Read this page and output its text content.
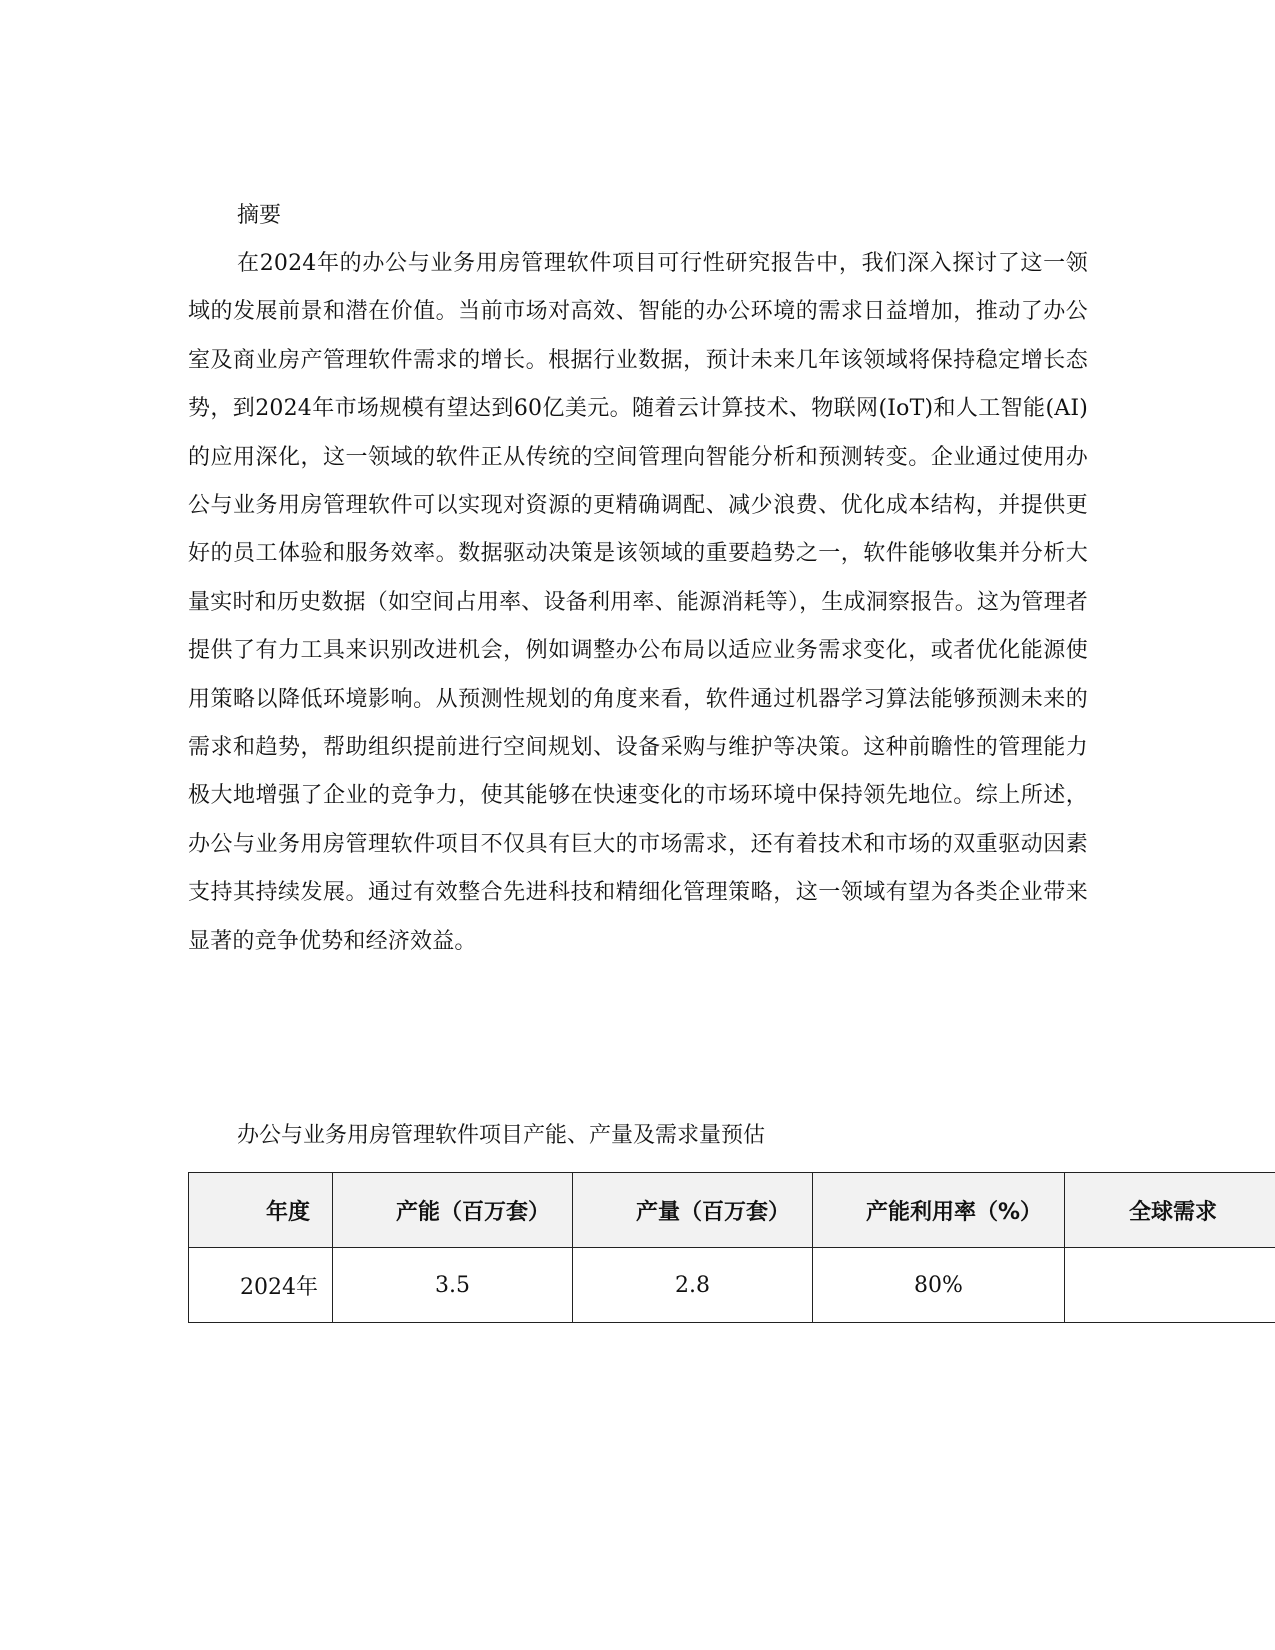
摘要

在2024年的办公与业务用房管理软件项目可行性研究报告中，我们深入探讨了这一领域的发展前景和潜在价值。当前市场对高效、智能的办公环境的需求日益增加，推动了办公室及商业房产管理软件需求的增长。根据行业数据，预计未来几年该领域将保持稳定增长态势，到2024年市场规模有望达到60亿美元。随着云计算技术、物联网(IoT)和人工智能(AI)的应用深化，这一领域的软件正从传统的空间管理向智能分析和预测转变。企业通过使用办公与业务用房管理软件可以实现对资源的更精确调配、减少浪费、优化成本结构，并提供更好的员工体验和服务效率。数据驱动决策是该领域的重要趋势之一，软件能够收集并分析大量实时和历史数据（如空间占用率、设备利用率、能源消耗等），生成洞察报告。这为管理者提供了有力工具来识别改进机会，例如调整办公布局以适应业务需求变化，或者优化能源使用策略以降低环境影响。从预测性规划的角度来看，软件通过机器学习算法能够预测未来的需求和趋势，帮助组织提前进行空间规划、设备采购与维护等决策。这种前瞻性的管理能力极大地增强了企业的竞争力，使其能够在快速变化的市场环境中保持领先地位。综上所述，办公与业务用房管理软件项目不仅具有巨大的市场需求，还有着技术和市场的双重驱动因素支持其持续发展。通过有效整合先进科技和精细化管理策略，这一领域有望为各类企业带来显著的竞争优势和经济效益。

办公与业务用房管理软件项目产能、产量及需求量预估
年度	产能（百万套）	产量（百万套）	产能利用率（%）	全球需求
2024年	3.5	2.8	80%	
